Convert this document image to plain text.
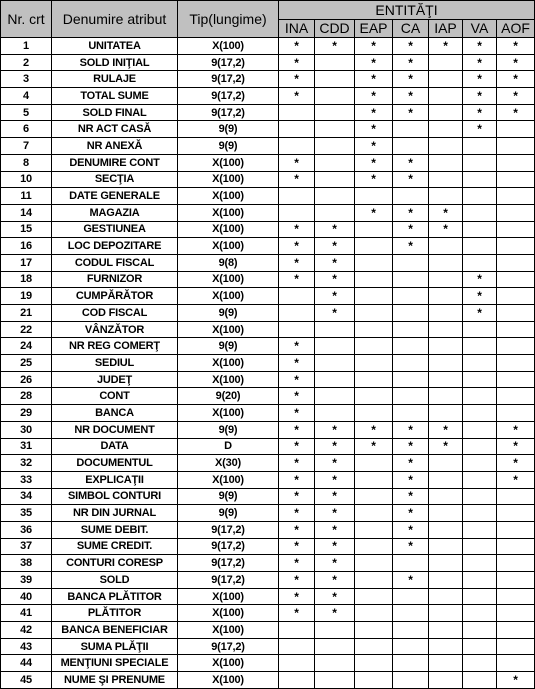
Nr. crt	Denumire atribut	Tip(lungime)	ENTITĂŢI						
			INA	CDD	EAP	CA	IAP	VA	AOF
1	UNITATEA	X(100)	*	*	*	*	*	*	*
2	SOLD INIŢIAL	9(17,2)	*		*	*		*	*
3	RULAJE	9(17,2)	*		*	*		*	*
4	TOTAL SUME	9(17,2)	*		*	*		*	*
5	SOLD FINAL	9(17,2)			*	*		*	*
6	NR ACT CASĂ	9(9)			*			*	
7	NR ANEXĂ	9(9)			*				
8	DENUMIRE CONT	X(100)	*		*	*			
10	SECŢIA	X(100)	*		*	*			
11	DATE GENERALE	X(100)							
14	MAGAZIA	X(100)			*	*	*		
15	GESTIUNEA	X(100)	*	*		*	*		
16	LOC DEPOZITARE	X(100)	*	*		*			
17	CODUL FISCAL	9(8)	*	*					
18	FURNIZOR	X(100)	*	*				*	
19	CUMPĂRĂTOR	X(100)		*				*	
21	COD FISCAL	9(9)		*				*	
22	VÂNZĂTOR	X(100)							
24	NR REG COMERŢ	9(9)	*						
25	SEDIUL	X(100)	*						
26	JUDEŢ	X(100)	*						
28	CONT	9(20)	*						
29	BANCA	X(100)	*						
30	NR DOCUMENT	9(9)	*	*	*	*	*		*
31	DATA	D	*	*	*	*	*		*
32	DOCUMENTUL	X(30)	*	*		*			*
33	EXPLICAŢII	X(100)	*	*		*			*
34	SIMBOL CONTURI	9(9)	*	*		*			
35	NR DIN JURNAL	9(9)	*	*		*			
36	SUME DEBIT.	9(17,2)	*	*		*			
37	SUME CREDIT.	9(17,2)	*	*		*			
38	CONTURI CORESP	9(17,2)	*	*					
39	SOLD	9(17,2)	*	*		*			
40	BANCA PLĂTITOR	X(100)	*	*					
41	PLĂTITOR	X(100)	*	*					
42	BANCA BENEFICIAR	X(100)							
43	SUMA PLĂŢII	9(17,2)							
44	MENŢIUNI SPECIALE	X(100)							
45	NUME ŞI PRENUME	X(100)							*
